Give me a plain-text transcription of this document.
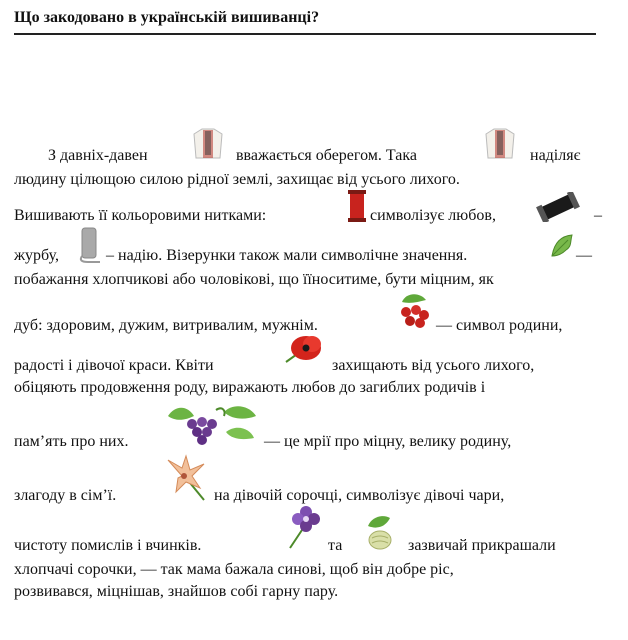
Що закодовано в українській вишиванці?
З давніх-давен	вважається оберегом. Така	наділяє
людину цілющою силою рідної землі, захищає від усього лихого.
Вишивають її кольоровими нитками:	символізує любов,	–
журбу,	– надію. Візерунки також мали символічне значення.	—
побажання хлопчикові або чоловікові, що їїноситиме, бути міцним, як
дуб: здоровим, дужим, витривалим, мужнім.	— символ родини,
радості і дівочої краси. Квіти	захищають від усього лихого,
обіцяють продовження роду, виражають любов до загиблих родичів і
пам’ять про них.	— це мрії про міцну, велику родину,
злагоду в сім’ї.	на дівочій сорочці, символізує дівочі чари,
чистоту помислів і вчинків.	та	зазвичай прикрашали
хлопчачі сорочки, — так мама бажала синові, щоб він добре ріс,
розвивався, міцнішав, знайшов собі гарну пару.
